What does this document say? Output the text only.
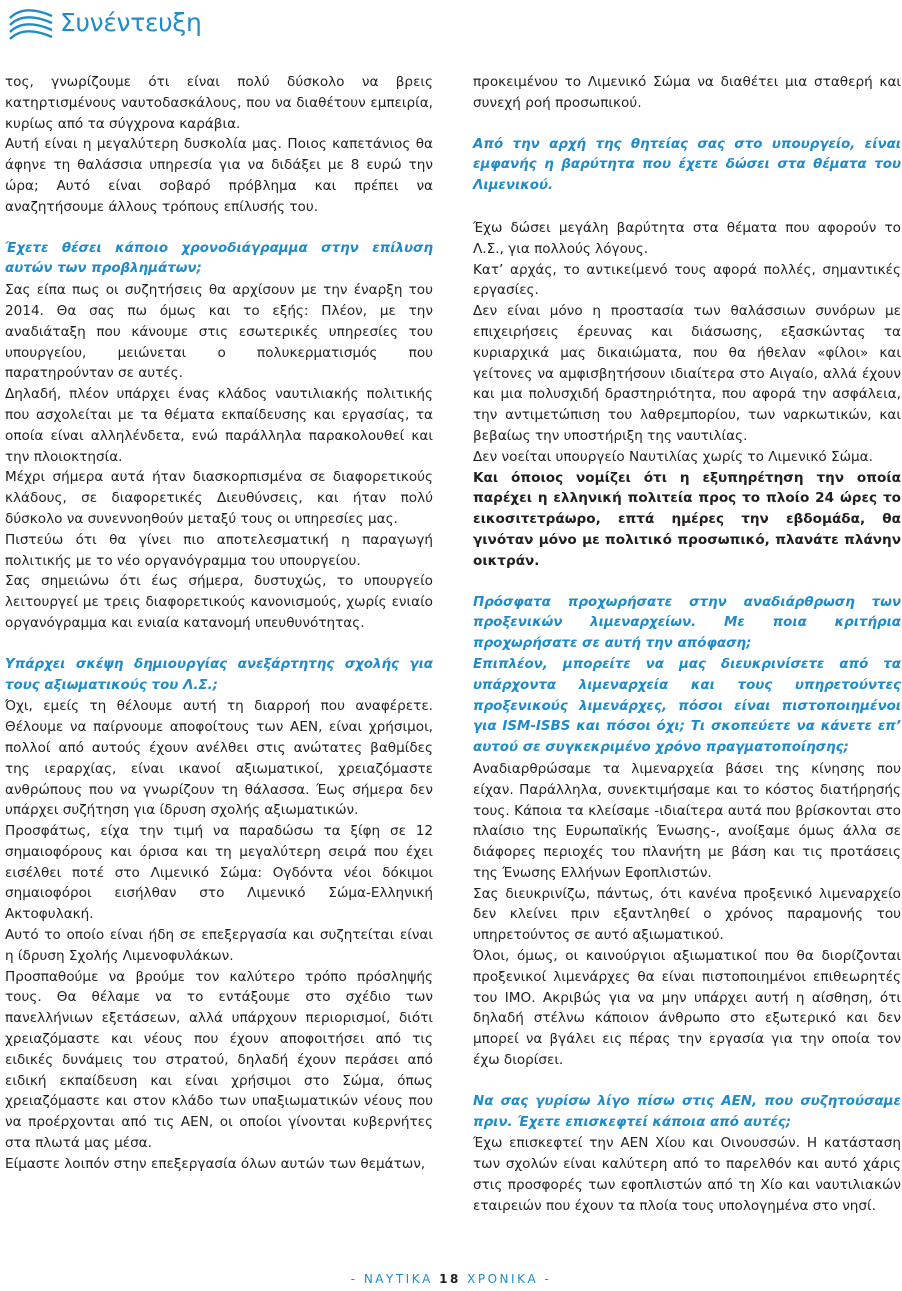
Συνέντευξη

τος, γνωρίζουμε ότι είναι πολύ δύσκολο να βρεις κατηρτισμένους ναυτοδασκάλους, που να διαθέτουν εμπειρία, κυρίως από τα σύγχρονα καράβια.

Αυτή είναι η μεγαλύτερη δυσκολία μας. Ποιος καπετάνιος θα άφηνε τη θαλάσσια υπηρεσία για να διδάξει με 8 ευρώ την ώρα; Αυτό είναι σοβαρό πρόβλημα και πρέπει να αναζητήσουμε άλλους τρόπους επίλυσής του.

Έχετε θέσει κάποιο χρονοδιάγραμμα στην επίλυση αυτών των προβλημάτων;

Σας είπα πως οι συζητήσεις θα αρχίσουν με την έναρξη του 2014. Θα σας πω όμως και το εξής: Πλέον, με την αναδιάταξη που κάνουμε στις εσωτερικές υπηρεσίες του υπουργείου, μειώνεται ο πολυκερματισμός που παρατηρούνταν σε αυτές.

Δηλαδή, πλέον υπάρχει ένας κλάδος ναυτιλιακής πολιτικής που ασχολείται με τα θέματα εκπαίδευσης και εργασίας, τα οποία είναι αλληλένδετα, ενώ παράλληλα παρακολουθεί και την πλοιοκτησία.

Μέχρι σήμερα αυτά ήταν διασκορπισμένα σε διαφορετικούς κλάδους, σε διαφορετικές Διευθύνσεις, και ήταν πολύ δύσκολο να συνεννοηθούν μεταξύ τους οι υπηρεσίες μας.

Πιστεύω ότι θα γίνει πιο αποτελεσματική η παραγωγή πολιτικής με το νέο οργανόγραμμα του υπουργείου.

Σας σημειώνω ότι έως σήμερα, δυστυχώς, το υπουργείο λειτουργεί με τρεις διαφορετικούς κανονισμούς, χωρίς ενιαίο οργανόγραμμα και ενιαία κατανομή υπευθυνότητας.

Υπάρχει σκέψη δημιουργίας ανεξάρτητης σχολής για τους αξιωματικούς του Λ.Σ.;

Όχι, εμείς τη θέλουμε αυτή τη διαρροή που αναφέρετε. Θέλουμε να παίρνουμε αποφοίτους των ΑΕΝ, είναι χρήσιμοι, πολλοί από αυτούς έχουν ανέλθει στις ανώτατες βαθμίδες της ιεραρχίας, είναι ικανοί αξιωματικοί, χρειαζόμαστε ανθρώπους που να γνωρίζουν τη θάλασσα. Έως σήμερα δεν υπάρχει συζήτηση για ίδρυση σχολής αξιωματικών.

Προσφάτως, είχα την τιμή να παραδώσω τα ξίφη σε 12 σημαιοφόρους και όρισα και τη μεγαλύτερη σειρά που έχει εισέλθει ποτέ στο Λιμενικό Σώμα: Ογδόντα νέοι δόκιμοι σημαιοφόροι εισήλθαν στο Λιμενικό Σώμα-Ελληνική Ακτοφυλακή.

Αυτό το οποίο είναι ήδη σε επεξεργασία και συζητείται είναι η ίδρυση Σχολής Λιμενοφυλάκων.

Προσπαθούμε να βρούμε τον καλύτερο τρόπο πρόσληψής τους. Θα θέλαμε να το εντάξουμε στο σχέδιο των πανελλήνιων εξετάσεων, αλλά υπάρχουν περιορισμοί, διότι χρειαζόμαστε και νέους που έχουν αποφοιτήσει από τις ειδικές δυνάμεις του στρατού, δηλαδή έχουν περάσει από ειδική εκπαίδευση και είναι χρήσιμοι στο Σώμα, όπως χρειαζόμαστε και στον κλάδο των υπαξιωματικών νέους που να προέρχονται από τις ΑΕΝ, οι οποίοι γίνονται κυβερνήτες στα πλωτά μας μέσα.

Είμαστε λοιπόν στην επεξεργασία όλων αυτών των θεμάτων,

προκειμένου το Λιμενικό Σώμα να διαθέτει μια σταθερή και συνεχή ροή προσωπικού.

Από την αρχή της θητείας σας στο υπουργείο, είναι εμφανής η βαρύτητα που έχετε δώσει στα θέματα του Λιμενικού.

Έχω δώσει μεγάλη βαρύτητα στα θέματα που αφορούν το Λ.Σ., για πολλούς λόγους.

Κατ’ αρχάς, το αντικείμενό τους αφορά πολλές, σημαντικές εργασίες.

Δεν είναι μόνο η προστασία των θαλάσσιων συνόρων με επιχειρήσεις έρευνας και διάσωσης, εξασκώντας τα κυριαρχικά μας δικαιώματα, που θα ήθελαν «φίλοι» και γείτονες να αμφισβητήσουν ιδιαίτερα στο Αιγαίο, αλλά έχουν και μια πολυσχιδή δραστηριότητα, που αφορά την ασφάλεια, την αντιμετώπιση του λαθρεμπορίου, των ναρκωτικών, και βεβαίως την υποστήριξη της ναυτιλίας.

Δεν νοείται υπουργείο Ναυτιλίας χωρίς το Λιμενικό Σώμα.

Και όποιος νομίζει ότι η εξυπηρέτηση την οποία παρέχει η ελληνική πολιτεία προς το πλοίο 24 ώρες το εικοσιτετράωρο, επτά ημέρες την εβδομάδα, θα γινόταν μόνο με πολιτικό προσωπικό, πλανάτε πλάνην οικτράν.

Πρόσφατα προχωρήσατε στην αναδιάρθρωση των προξενικών λιμεναρχείων. Με ποια κριτήρια προχωρήσατε σε αυτή την απόφαση;

Επιπλέον, μπορείτε να μας διευκρινίσετε από τα υπάρχοντα λιμεναρχεία και τους υπηρετούντες προξενικούς λιμενάρχες, πόσοι είναι πιστοποιημένοι για ISM-ISBS και πόσοι όχι; Τι σκοπεύετε να κάνετε επ’ αυτού σε συγκεκριμένο χρόνο πραγματοποίησης;

Αναδιαρθρώσαμε τα λιμεναρχεία βάσει της κίνησης που είχαν. Παράλληλα, συνεκτιμήσαμε και το κόστος διατήρησής τους. Κάποια τα κλείσαμε -ιδιαίτερα αυτά που βρίσκονται στο πλαίσιο της Ευρωπαϊκής Ένωσης-, ανοίξαμε όμως άλλα σε διάφορες περιοχές του πλανήτη με βάση και τις προτάσεις της Ένωσης Ελλήνων Εφοπλιστών.

Σας διευκρινίζω, πάντως, ότι κανένα προξενικό λιμεναρχείο δεν κλείνει πριν εξαντληθεί ο χρόνος παραμονής του υπηρετούντος σε αυτό αξιωματικού.

Όλοι, όμως, οι καινούργιοι αξιωματικοί που θα διορίζονται προξενικοί λιμενάρχες θα είναι πιστοποιημένοι επιθεωρητές του ΙΜΟ. Ακριβώς για να μην υπάρχει αυτή η αίσθηση, ότι δηλαδή στέλνω κάποιον άνθρωπο στο εξωτερικό και δεν μπορεί να βγάλει εις πέρας την εργασία για την οποία τον έχω διορίσει.

Να σας γυρίσω λίγο πίσω στις ΑΕΝ, που συζητούσαμε πριν. Έχετε επισκεφτεί κάποια από αυτές;

Έχω επισκεφτεί την ΑΕΝ Χίου και Οινουσσών. Η κατάσταση των σχολών είναι καλύτερη από το παρελθόν και αυτό χάρις στις προσφορές των εφοπλιστών από τη Χίο και ναυτιλιακών εταιρειών που έχουν τα πλοία τους υπολογημένα στο νησί.

- ΝΑΥΤΙΚΑ 18 ΧΡΟΝΙΚΑ -
